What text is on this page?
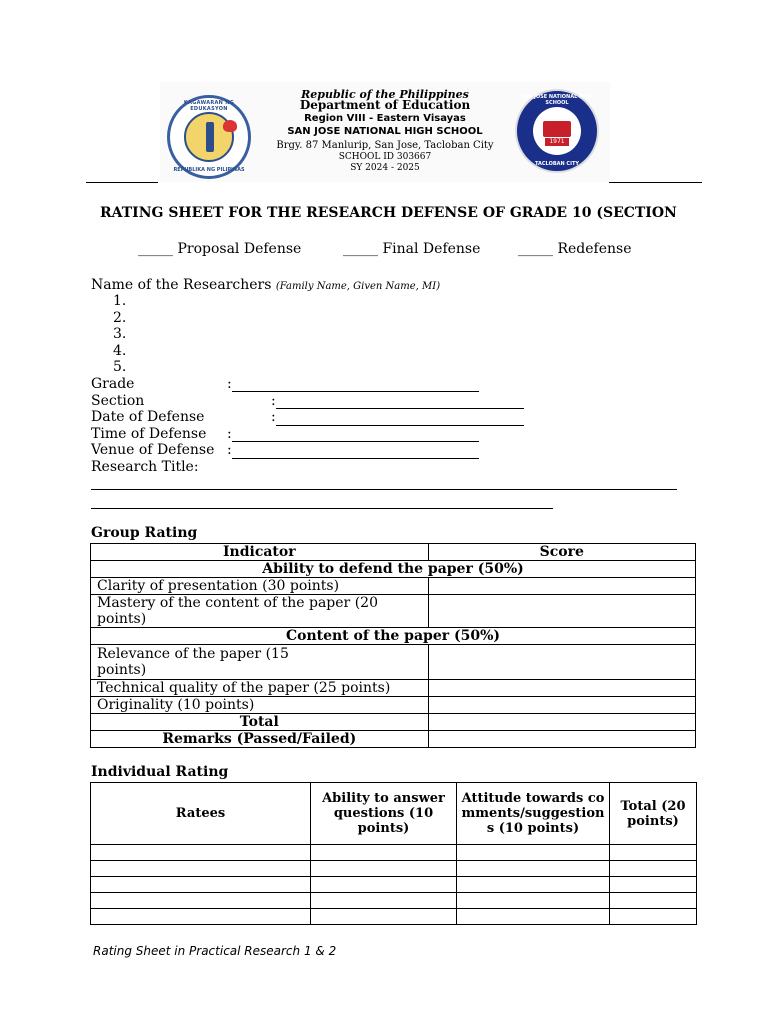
KAGAWARAN NG EDUKASYON
REPUBLIKA NG PILIPINAS
Republic of the Philippines
Department of Education
Region VIII - Eastern Visayas
SAN JOSE NATIONAL HIGH SCHOOL
Brgy. 87 Manlurip, San Jose, Tacloban City
SCHOOL ID 303667
SY 2024 - 2025
SAN JOSE NATIONAL HIGH SCHOOL
1971
TACLOBAN CITY
RATING SHEET FOR THE RESEARCH DEFENSE OF GRADE 10 (SECTION
_____ Proposal Defense	_____ Final Defense	_____ Redefense
Name of the Researchers (Family Name, Given Name, MI)
1.
2.
3.
4.
5.
Grade	:
Section	:
Date of Defense	:
Time of Defense :
Venue of Defense :
Research Title:
Group Rating
Indicator	Score
Ability to defend the paper (50%)	
Clarity of presentation (30 points)	
Mastery of the content of the paper (20 points)	
Content of the paper (50%)	
Relevance of the paper (15 points)	
Technical quality of the paper (25 points)	
Originality (10 points)	
Total	
Remarks (Passed/Failed)	
Individual Rating
Ratees	Ability to answer questions (10 points)	Attitude towards comments/suggestions (10 points)	Total (20 points)

Rating Sheet in Practical Research 1 & 2
